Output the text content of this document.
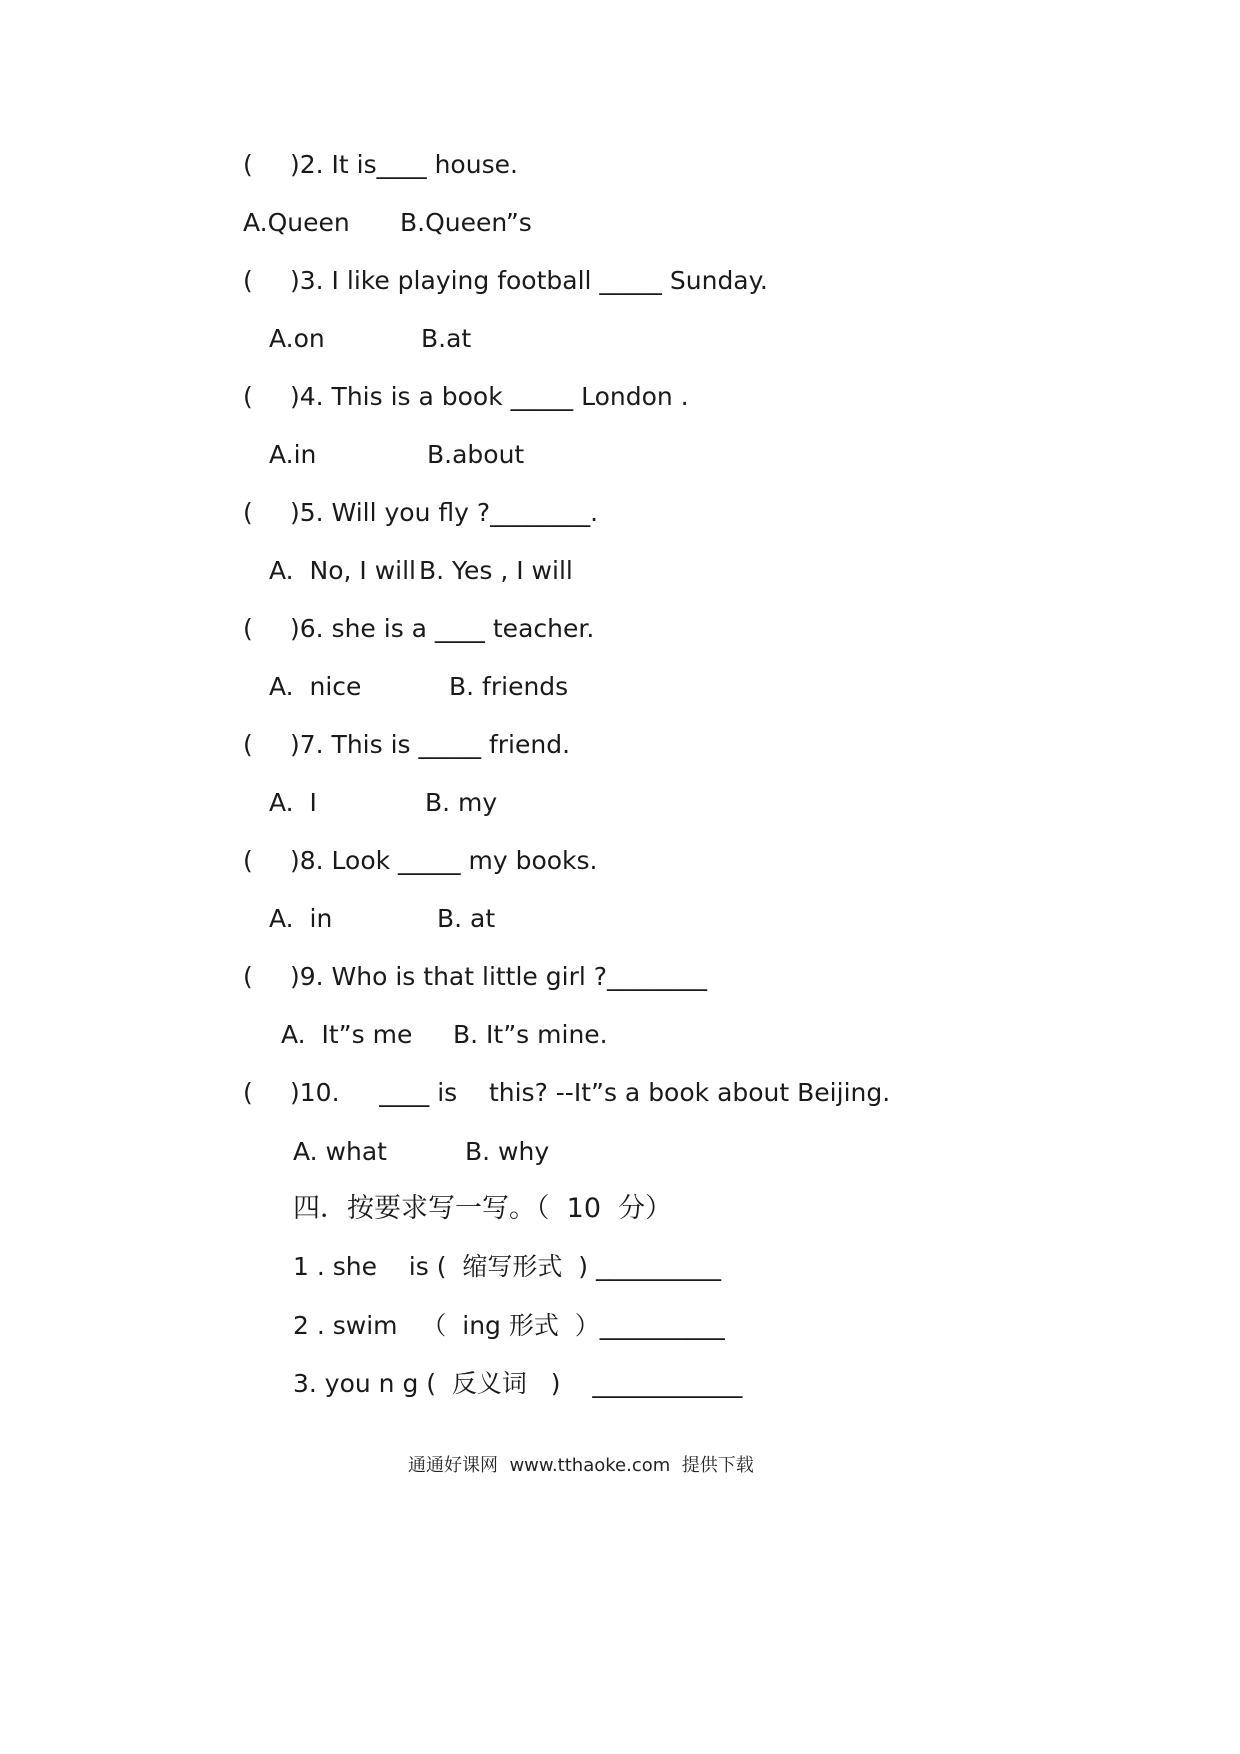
( )2. It is____ house.
A.Queen B.Queen”s
( )3. I like playing football _____ Sunday.
A.on	B.at
( )4. This is a book _____ London .
A.in	B.about
( )5. Will you fly ?________.
A.  No, I will B. Yes , I will
( )6. she is a ____ teacher.
A.  nice	B. friends
( )7. This is _____ friend.
A.  I	B. my
( )8. Look _____ my books.
A.  in	B. at
( )9. Who is that little girl ?________
A.  It”s me B. It”s mine.
( )10.     ____ is    this? --It”s a book about Beijing.
A. what	B. why
四．按要求写一写。（  10  分）
1 . she    is (  缩写形式  ) __________
2 . swim   （  ing 形式  ）__________
3. you n g (  反义词   )    ____________
通通好课网  www.tthaoke.com  提供下载
